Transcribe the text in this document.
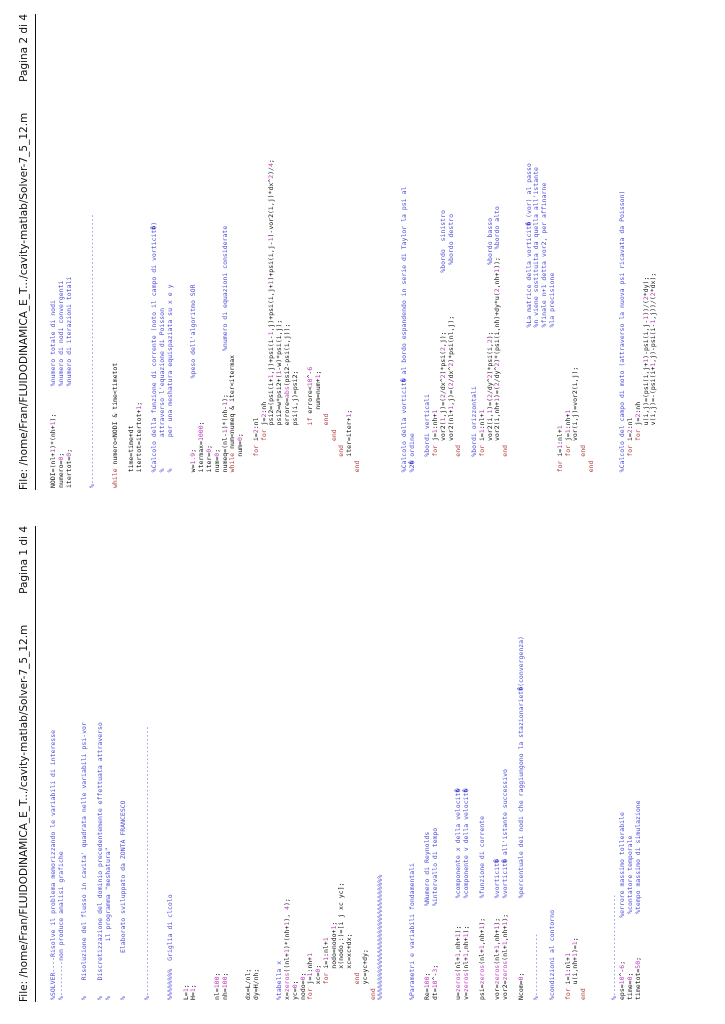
File: /home/Fran/FLUIDODINAMICA_E_T.../cavity-matlab/Solver-7_5_12.m
Pagina 1 di 4
%SOLVER----Risolve il problema memorizzando le variabili di interesse %---------non produce analisi grafiche %    Risoluzione del flusso in cavita' quadrata nelle variabili psi-vor %    Discretizzazione del dominio precedentemente effettuata attraverso %              il programma "meshatura" %           Elaborato sviluppato da ZONTA FRANCESCO %--------------------------------------------------------------------- %%%%%%%%  Griglia di clcolo L=1;
H=1;
nl=100;
nh=100; dx=L/nl; dy=H/nh; %tabella x x=zeros((nl+1)*(nh+1), 4);
yc=0; nodo=0;
for j=1:nh+1
xc=0;
for i=1:nl+1 nodo=nodo+1; x(nodo,:)=[i j xc yc]; xc=xc+dx; end yc=yc+dy; end %%%%%%%%%%%%%%%%%%%%%%%%%%%%%%%%	%Parametri e variabili fondamentali Re=100;                 %Numero di Reynolds
dt=10^-3;               %intervallo di tempo
u=zeros(nl+1,nh+1);       %componente x della velocit�
v=zeros(nl+1,nh+1);       %componente v della velocit�
psi=zeros(nl+1,nh+1);     %funzione di corrente
vor=zeros(nl+1,nh+1);     %vorticit�
vor2=zeros(nl+1,nh+1);    %vorticit� all'istante successivo
Ncom=0;                   %percentuale dei nodi che raggiungono la stazionariet�(convergenza)
%---------------- %condizioni al contorno for i=1:nl+1
u(i,nh+1)=1;
end	%-------------------------- eps=10^-6;           %errore massimo tollerabile
time=0;               %contatore temporale
timetot=50;           %tempo massimo di simulazione
File: /home/Fran/FLUIDODINAMICA_E_T.../cavity-matlab/Solver-7_5_12.m
Pagina 2 di 4
NODI=(nl+1)*(nh+1);       %numero totale di nodi
numero=0;                 %numero di nodi convergenti
itertot=0;                %numero di iterazioni totali %--------------------------------------------------------------------- while numero<NODI & time<timetot time=time+dt itertot=itertot+1; %Calcolo della funzione di corrente (noto il campo di vorticit�) %        attraverso l'equazione di Poisson %        per una meshatura equispaziata su x e y w=1.9;                  %peso dell'algoritmo SOR
itermax=1000;
iter=0;
num=0; numeq=(nl-1)*(nh-1);           %numero di equazioni considerate
while num<numeq & iter<itermax
num=0;
for i=2:nl
for j=2:nh psi2=(psi(i+1,j)+psi(i-1,j)+psi(i,j+1)+psi(i,j-1)-vor2(i,j)*dx^2)/4;
psi2=w*psi2+(1-w)*psi(i,j);
errore=abs(psi2-psi(i,j));
psi(i,j)=psi2; if errore<10^-6
num=num+1;
end
end
end iter=iter+1;
end	%Calcolo della vorticit� al bordo espandendo in serie di Taylor la psi al %2� ordine %bordi verticali for j=1:nh+1
vor2(1,j)=(2/dx^2)*psi(2,j);               %bordo  sinistro
vor2(nl+1,j)=(2/dx^2)*psi(nl,j);             %bordo destro
end %bordi orizzontali for i=1:nl+1
vor2(i,1)=(2/dy^2)*psi(i,2);                 %bordo basso
vor2(i,nh+1)=(2/dy^2)*(psi(i,nh)+dy*u(2,nh+1));  %bordo alto
end %La matrice della vorticit� (vor) al passo %n viene sostituita da quella all'istante %finale n+1 detta vor2, per affinarne %la precisione for i=1:nl+1
for j=1:nh+1 vor(i,j)=vor2(i,j); end
end	%Calcolo del campo di moto (attraverso la nuova psi ricavata da Poisson) for i=2:nl
for j=2:nh u(i,j)=(psi(i,j+1)-psi(i,j-1))/(2*dy);
v(i,j)=-(psi(i+1,j)-psi(i-1,j))/(2*dx);
